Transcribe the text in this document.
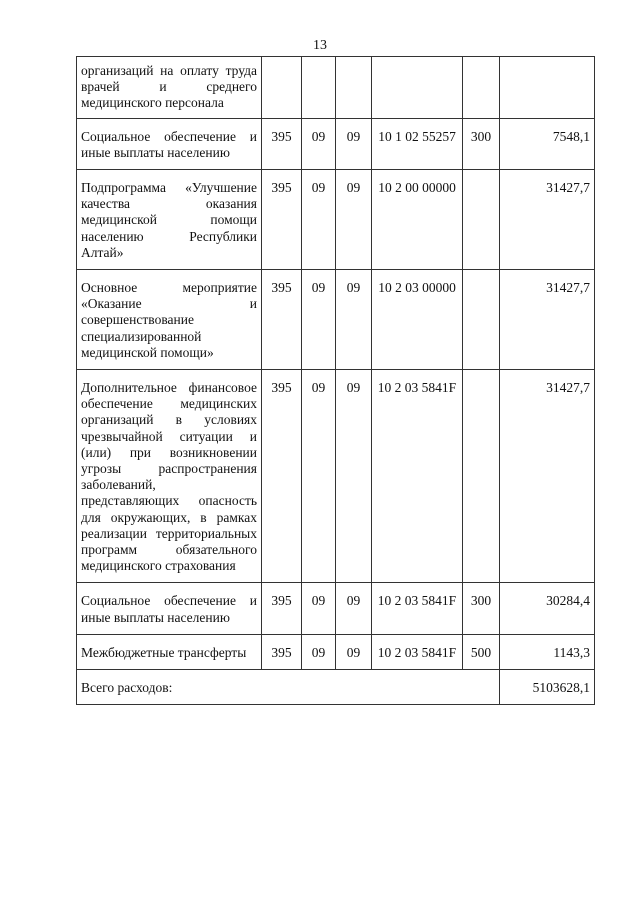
13
организаций на оплату труда врачей и среднего медицинского персонала						
Социальное обеспечение и иные выплаты населению	395	09	09	10 1 02 55257	300	7548,1
Подпрограмма «Улучшение качества оказания медицинской помощи населению Республики Алтай»	395	09	09	10 2 00 00000		31427,7
Основное мероприятие «Оказание и совершенствование специализированной медицинской помощи»	395	09	09	10 2 03 00000		31427,7
Дополнительное финансовое обеспечение медицинских организаций в условиях чрезвычайной ситуации и (или) при возникновении угрозы распространения заболеваний, представляющих опасность для окружающих, в рамках реализации территориальных программ обязательного медицинского страхования	395	09	09	10 2 03 5841F		31427,7
Социальное обеспечение и иные выплаты населению	395	09	09	10 2 03 5841F	300	30284,4
Межбюджетные трансферты	395	09	09	10 2 03 5841F	500	1143,3
Всего расходов:						5103628,1
